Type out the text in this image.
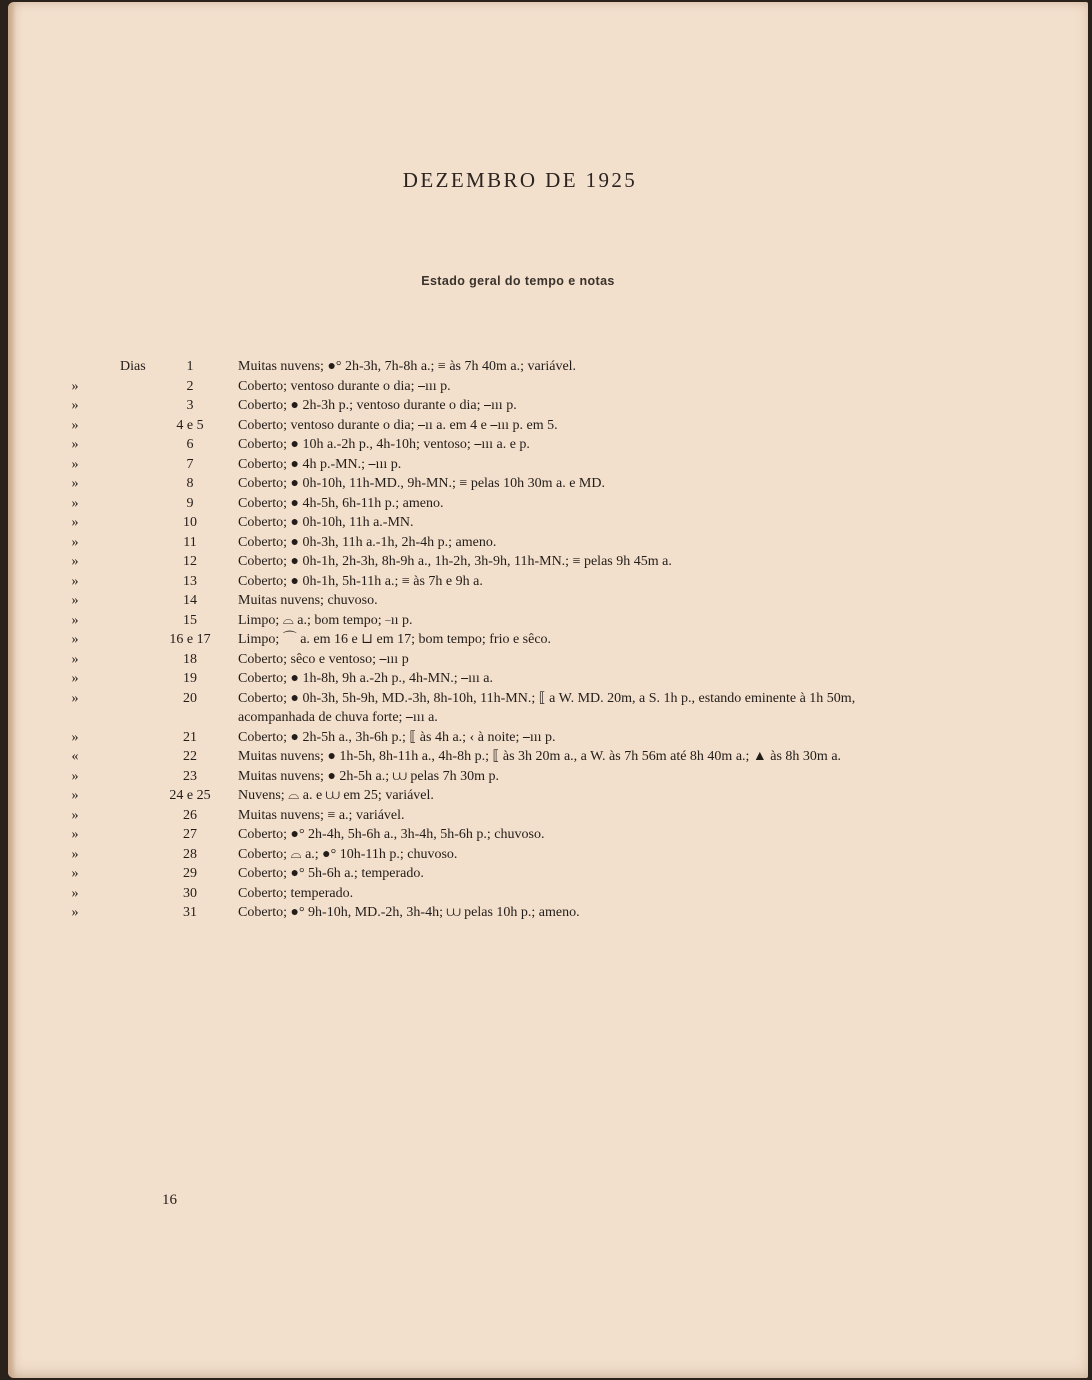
DEZEMBRO DE 1925
Estado geral do tempo e notas
Dias	1	Muitas nuvens; ●° 2h-3h, 7h-8h a.; ≡ às 7h 40m a.; variável.
»	2	Coberto; ventoso durante o dia; ⎯ııı p.
»	3	Coberto; ● 2h-3h p.; ventoso durante o dia; ⎯ııı p.
»	4 e 5	Coberto; ventoso durante o dia; ⎯ıı a. em 4 e ⎯ııı p. em 5.
»	6	Coberto; ● 10h a.-2h p., 4h-10h; ventoso; ⎯ııı a. e p.
»	7	Coberto; ● 4h p.-MN.; ⎯ııı p.
»	8	Coberto; ● 0h-10h, 11h-MD., 9h-MN.; ≡ pelas 10h 30m a. e MD.
»	9	Coberto; ● 4h-5h, 6h-11h p.; ameno.
»	10	Coberto; ● 0h-10h, 11h a.-MN.
»	11	Coberto; ● 0h-3h, 11h a.-1h, 2h-4h p.; ameno.
»	12	Coberto; ● 0h-1h, 2h-3h, 8h-9h a., 1h-2h, 3h-9h, 11h-MN.; ≡ pelas 9h 45m a.
»	13	Coberto; ● 0h-1h, 5h-11h a.; ≡ às 7h e 9h a.
»	14	Muitas nuvens; chuvoso.
»	15	Limpo; ⌓ a.; bom tempo; ⎯ıı p.
»	16 e 17	Limpo; ⌒ a. em 16 e ⊔ em 17; bom tempo; frio e sêco.
»	18	Coberto; sêco e ventoso; ⎯ııı p
»	19	Coberto; ● 1h-8h, 9h a.-2h p., 4h-MN.; ⎯ııı a.
»	20	Coberto; ● 0h-3h, 5h-9h, MD.-3h, 8h-10h, 11h-MN.; ⟦ a W. MD. 20m, a S. 1h p., estando eminente à 1h 50m, acompanhada de chuva forte; ⎯ııı a.
»	21	Coberto; ● 2h-5h a., 3h-6h p.; ⟦ às 4h a.; ‹ à noite; ⎯ııı p.
«	22	Muitas nuvens; ● 1h-5h, 8h-11h a., 4h-8h p.; ⟦ às 3h 20m a., a W. às 7h 56m até 8h 40m a.; ▲ às 8h 30m a.
»	23	Muitas nuvens; ● 2h-5h a.; ⩊ pelas 7h 30m p.
»	24 e 25	Nuvens; ⌓ a. e ⩊ em 25; variável.
»	26	Muitas nuvens; ≡ a.; variável.
»	27	Coberto; ●° 2h-4h, 5h-6h a., 3h-4h, 5h-6h p.; chuvoso.
»	28	Coberto; ⌓ a.; ●° 10h-11h p.; chuvoso.
»	29	Coberto; ●° 5h-6h a.; temperado.
»	30	Coberto; temperado.
»	31	Coberto; ●° 9h-10h, MD.-2h, 3h-4h; ⩊ pelas 10h p.; ameno.
16
